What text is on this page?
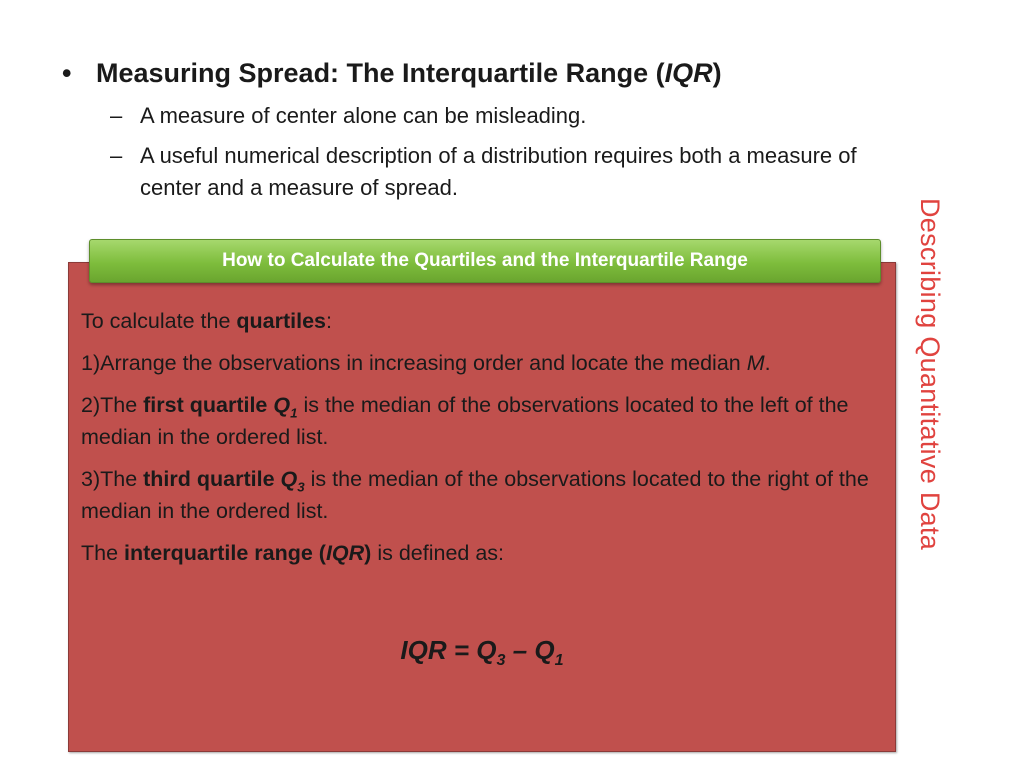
• Measuring Spread: The Interquartile Range (IQR)
– A measure of center alone can be misleading.
– A useful numerical description of a distribution requires both a measure of center and a measure of spread.
Describing Quantitative Data

To calculate the quartiles:

1)Arrange the observations in increasing order and locate the median M.

2)The first quartile $Q_1$ is the median of the observations located to the left of the median in the ordered list.

3)The third quartile $Q_3$ is the median of the observations located to the right of the median in the ordered list.

The interquartile range (IQR) is defined as:

IQR = $Q_3 - Q_1$
How to Calculate the Quartiles and the Interquartile Range
